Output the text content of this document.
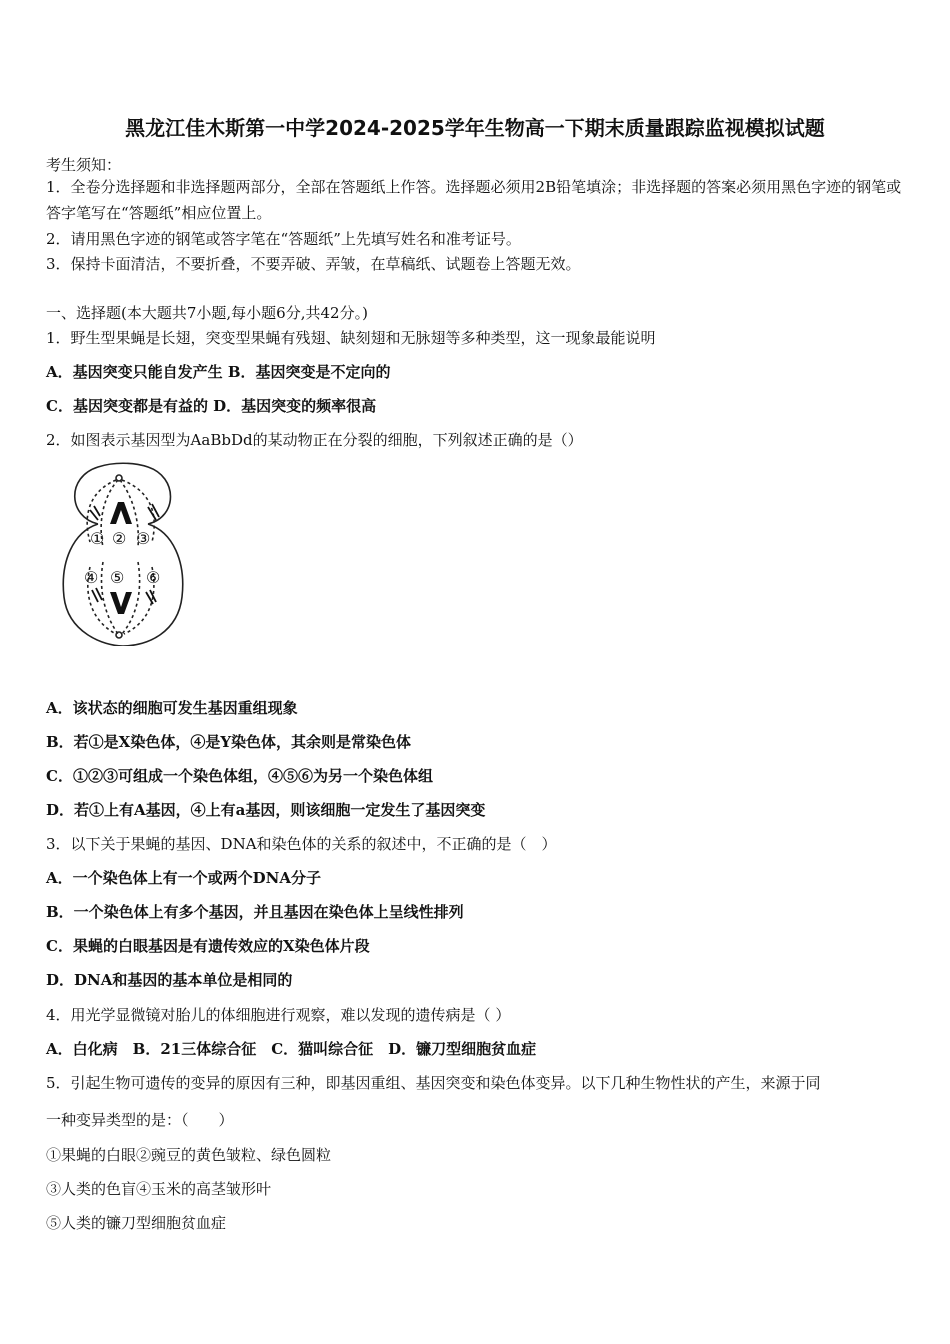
黑龙江佳木斯第一中学2024-2025学年生物高一下期末质量跟踪监视模拟试题
考生须知：
1．全卷分选择题和非选择题两部分，全部在答题纸上作答。选择题必须用2B铅笔填涂；非选择题的答案必须用黑色字迹的钢笔或答字笔写在“答题纸”相应位置上。
2．请用黑色字迹的钢笔或答字笔在“答题纸”上先填写姓名和准考证号。
3．保持卡面清洁，不要折叠，不要弄破、弄皱，在草稿纸、试题卷上答题无效。
一、选择题(本大题共7小题,每小题6分,共42分。)
1．野生型果蝇是长翅，突变型果蝇有残翅、缺刻翅和无脉翅等多种类型，这一现象最能说明
A．基因突变只能自发产生 B．基因突变是不定向的
C．基因突变都是有益的 D．基因突变的频率很高
2．如图表示基因型为AaBbDd的某动物正在分裂的细胞，下列叙述正确的是（）
① ② ③
④ ⑤ ⑥
A．该状态的细胞可发生基因重组现象
B．若①是X染色体，④是Y染色体，其余则是常染色体
C．①②③可组成一个染色体组，④⑤⑥为另一个染色体组
D．若①上有A基因，④上有a基因，则该细胞一定发生了基因突变
3．以下关于果蝇的基因、DNA和染色体的关系的叙述中，不正确的是（　）
A．一个染色体上有一个或两个DNA分子
B．一个染色体上有多个基因，并且基因在染色体上呈线性排列
C．果蝇的白眼基因是有遗传效应的X染色体片段
D．DNA和基因的基本单位是相同的
4．用光学显微镜对胎儿的体细胞进行观察，难以发现的遗传病是（ ）
A．白化病　B．21三体综合征　C．猫叫综合征　D．镰刀型细胞贫血症
5．引起生物可遗传的变异的原因有三种，即基因重组、基因突变和染色体变异。以下几种生物性状的产生，来源于同
一种变异类型的是：（　　）
①果蝇的白眼②豌豆的黄色皱粒、绿色圆粒
③人类的色盲④玉米的高茎皱形叶
⑤人类的镰刀型细胞贫血症
